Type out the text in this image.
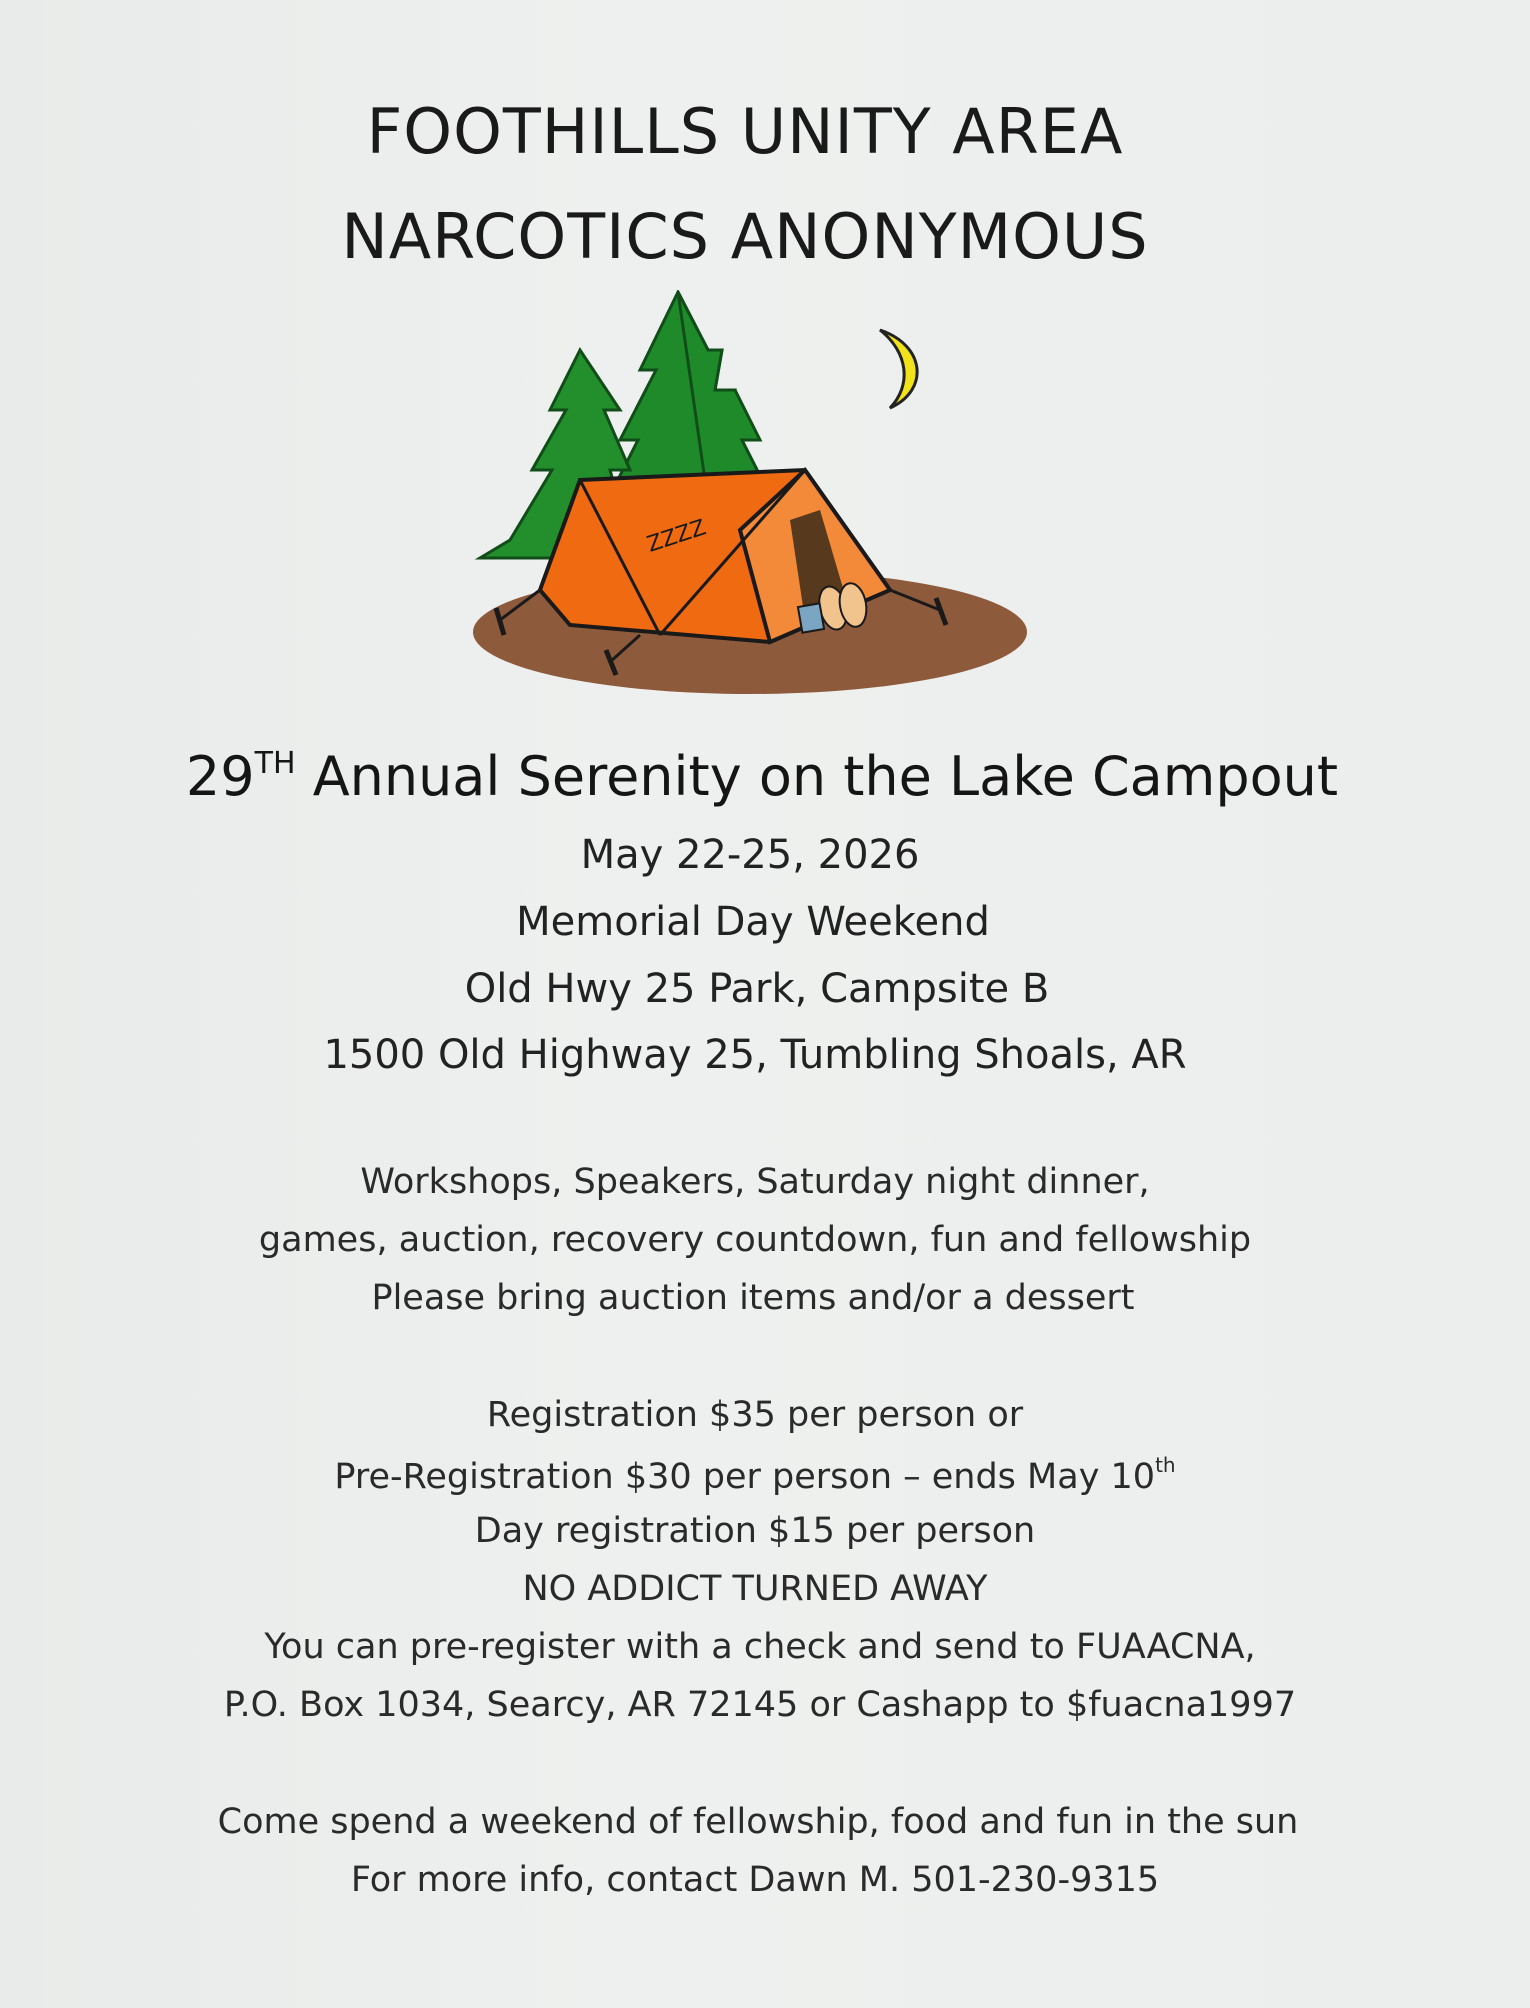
FOOTHILLS UNITY AREA
NARCOTICS ANONYMOUS
ZZZZ
29TH Annual Serenity on the Lake Campout
May 22-25, 2026
Memorial Day Weekend
Old Hwy 25 Park, Campsite B
1500 Old Highway 25, Tumbling Shoals, AR
Workshops, Speakers, Saturday night dinner,
games, auction, recovery countdown, fun and fellowship
Please bring auction items and/or a dessert
Registration $35 per person or
Pre-Registration $30 per person – ends May 10th
Day registration $15 per person
NO ADDICT TURNED AWAY
You can pre-register with a check and send to FUAACNA,
P.O. Box 1034, Searcy, AR 72145 or Cashapp to $fuacna1997
Come spend a weekend of fellowship, food and fun in the sun
For more info, contact Dawn M. 501-230-9315
